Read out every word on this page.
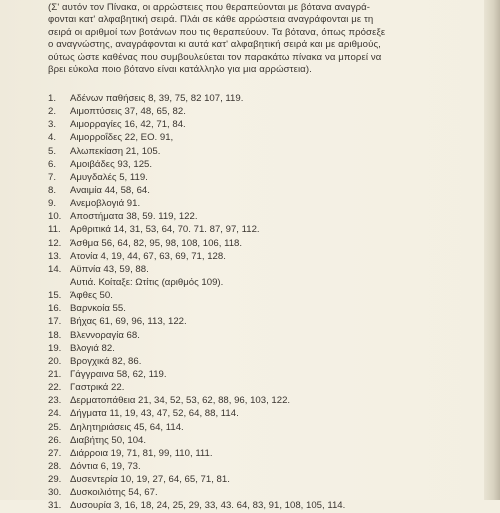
(Σ' αυτόν τον Πίνακα, οι αρρώστειες που θεραπεύονται με βότανα αναγρά-
φονται κατ' αλφαβητική σειρά. Πλάι σε κάθε αρρώστεια αναγράφονται με τη
σειρά οι αριθμοί των βοτάνων που τις θεραπεύουν. Τα βότανα, όπως πρόσεξε
ο αναγνώστης, αναγράφονται κι αυτά κατ' αλφαβητική σειρά και με αριθμούς,
ούτως ώστε καθένας που συμβουλεύεται τον παρακάτω πίνακα να μπορεί να
βρει εύκολα ποιο βότανο είναι κατάλληλο για μια αρρώστεια).
1.	Αδένων παθήσεις 8, 39, 75, 82 107, 119.
2.	Αιμοπτύσεις 37, 48, 65, 82.
3.	Αιμορραγίες 16, 42, 71, 84.
4.	Αιμορροΐδες 22, ΕΟ. 91,
5.	Αλωπεκίαση 21, 105.
6.	Αμοιβάδες 93, 125.
7.	Αμυγδαλές 5, 119.
8.	Αναιμία 44, 58, 64.
9.	Ανεμοβλογιά 91.
10. Αποστήματα 38, 59. 119, 122.
11. Αρθριτικά 14, 31, 53, 64, 70. 71. 87, 97, 112.
12. Άσθμα 56, 64, 82, 95, 98, 108, 106, 118.
13. Ατονία 4, 19, 44, 67, 63, 69, 71, 128.
14. Αϋπνία 43, 59, 88.
Αυτιά. Κοίταξε: Ωτίτις (αριθμός 109).
15. Άφθες 50.
16. Βαρνκοία 55.
17. Βήχας 61, 69, 96, 113, 122.
18. Βλεννοραγία 68.
19. Βλογιά 82.
20. Βρογχικά 82, 86.
21. Γάγγραινα 58, 62, 119.
22. Γαστρικά 22.
23. Δερματοπάθεια 21, 34, 52, 53, 62, 88, 96, 103, 122.
24. Δήγματα 11, 19, 43, 47, 52, 64, 88, 114.
25. Δηλητηριάσεις 45, 64, 114.
26. Διαβήτης 50, 104.
27. Διάρροια 19, 71, 81, 99, 110, 111.
28. Δόντια 6, 19, 73.
29. Δυσεντερία 10, 19, 27, 64, 65, 71, 81.
30. Δυσκοιλιότης 54, 67.
31. Δυσουρία 3, 16, 18, 24, 25, 29, 33, 43. 64, 83, 91, 108, 105, 114.
